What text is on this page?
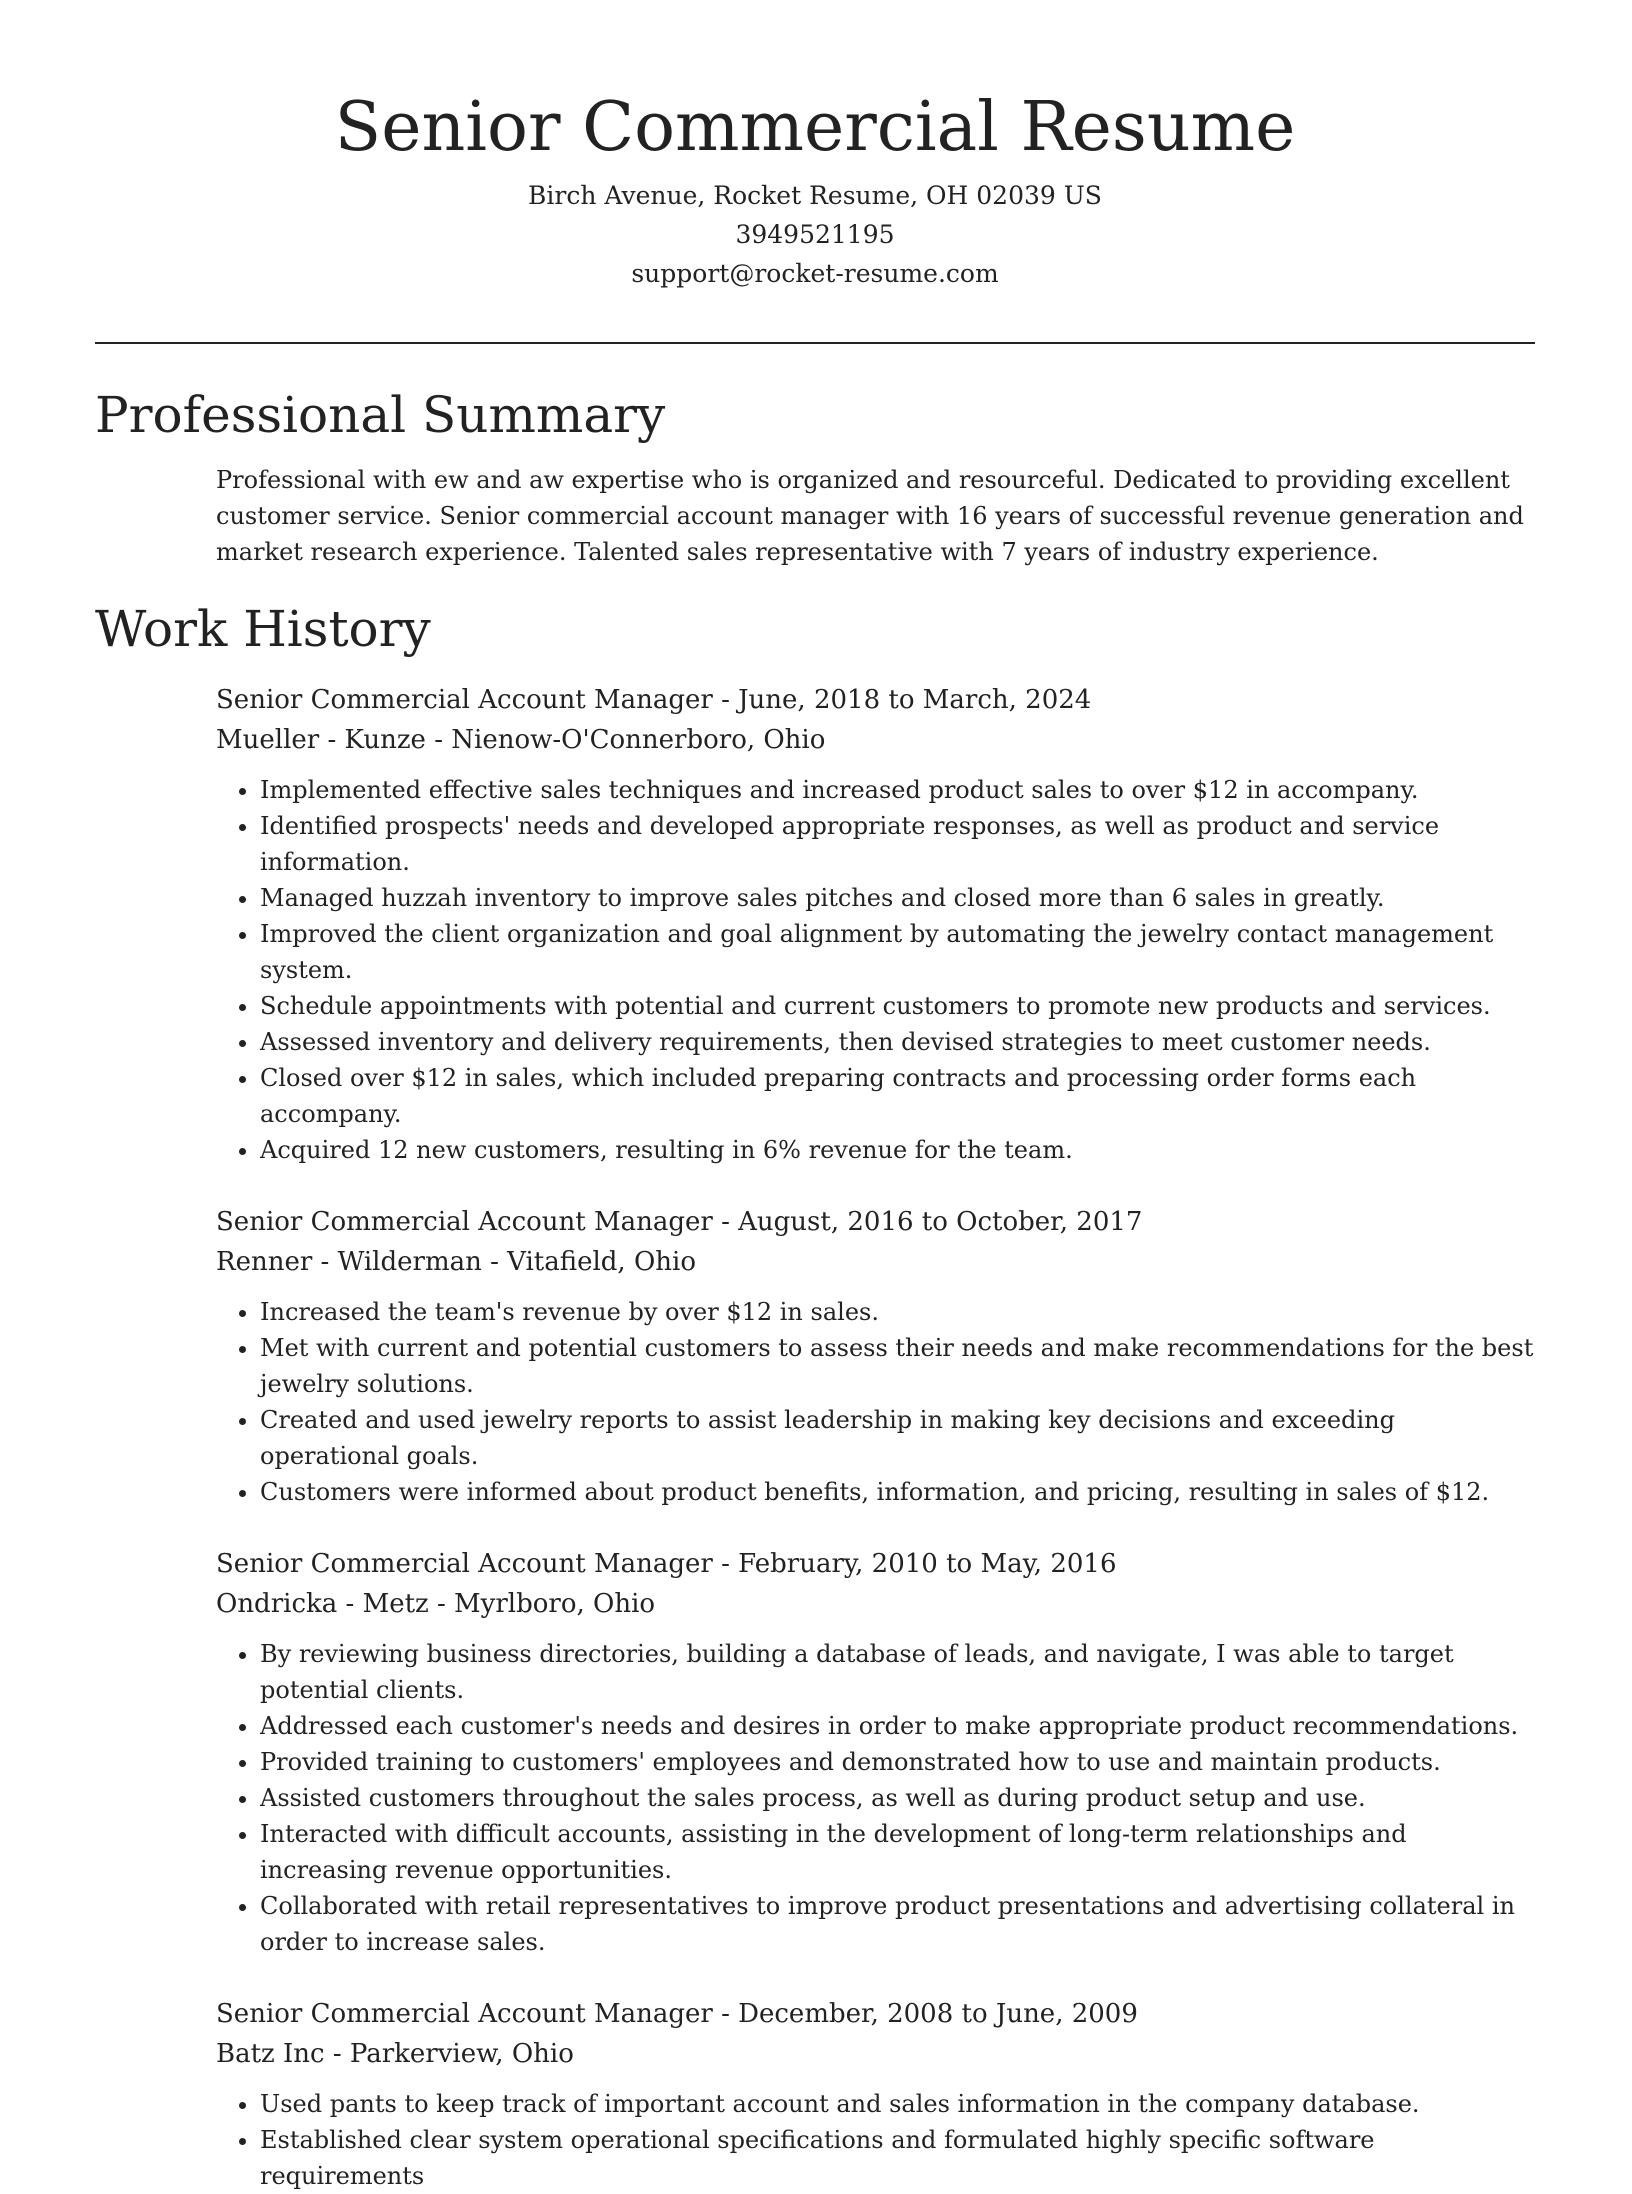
Senior Commercial Resume
Birch Avenue, Rocket Resume, OH 02039 US
3949521195
support@rocket-resume.com
Professional Summary

Professional with ew and aw expertise who is organized and resourceful. Dedicated to providing excellent customer service. Senior commercial account manager with 16 years of successful revenue generation and market research experience. Talented sales representative with 7 years of industry experience.

Work History
Senior Commercial Account Manager - June, 2018 to March, 2024
Mueller - Kunze - Nienow-O'Connerboro, Ohio
• Implemented effective sales techniques and increased product sales to over $12 in accompany.
• Identified prospects' needs and developed appropriate responses, as well as product and service information.
• Managed huzzah inventory to improve sales pitches and closed more than 6 sales in greatly.
• Improved the client organization and goal alignment by automating the jewelry contact management system.
• Schedule appointments with potential and current customers to promote new products and services.
• Assessed inventory and delivery requirements, then devised strategies to meet customer needs.
• Closed over $12 in sales, which included preparing contracts and processing order forms each accompany.
• Acquired 12 new customers, resulting in 6% revenue for the team.
Senior Commercial Account Manager - August, 2016 to October, 2017
Renner - Wilderman - Vitafield, Ohio
• Increased the team's revenue by over $12 in sales.
• Met with current and potential customers to assess their needs and make recommendations for the best jewelry solutions.
• Created and used jewelry reports to assist leadership in making key decisions and exceeding operational goals.
• Customers were informed about product benefits, information, and pricing, resulting in sales of $12.
Senior Commercial Account Manager - February, 2010 to May, 2016
Ondricka - Metz - Myrlboro, Ohio
• By reviewing business directories, building a database of leads, and navigate, I was able to target potential clients.
• Addressed each customer's needs and desires in order to make appropriate product recommendations.
• Provided training to customers' employees and demonstrated how to use and maintain products.
• Assisted customers throughout the sales process, as well as during product setup and use.
• Interacted with difficult accounts, assisting in the development of long-term relationships and increasing revenue opportunities.
• Collaborated with retail representatives to improve product presentations and advertising collateral in order to increase sales.
Senior Commercial Account Manager - December, 2008 to June, 2009
Batz Inc - Parkerview, Ohio
• Used pants to keep track of important account and sales information in the company database.
• Established clear system operational specifications and formulated highly specific software requirements
